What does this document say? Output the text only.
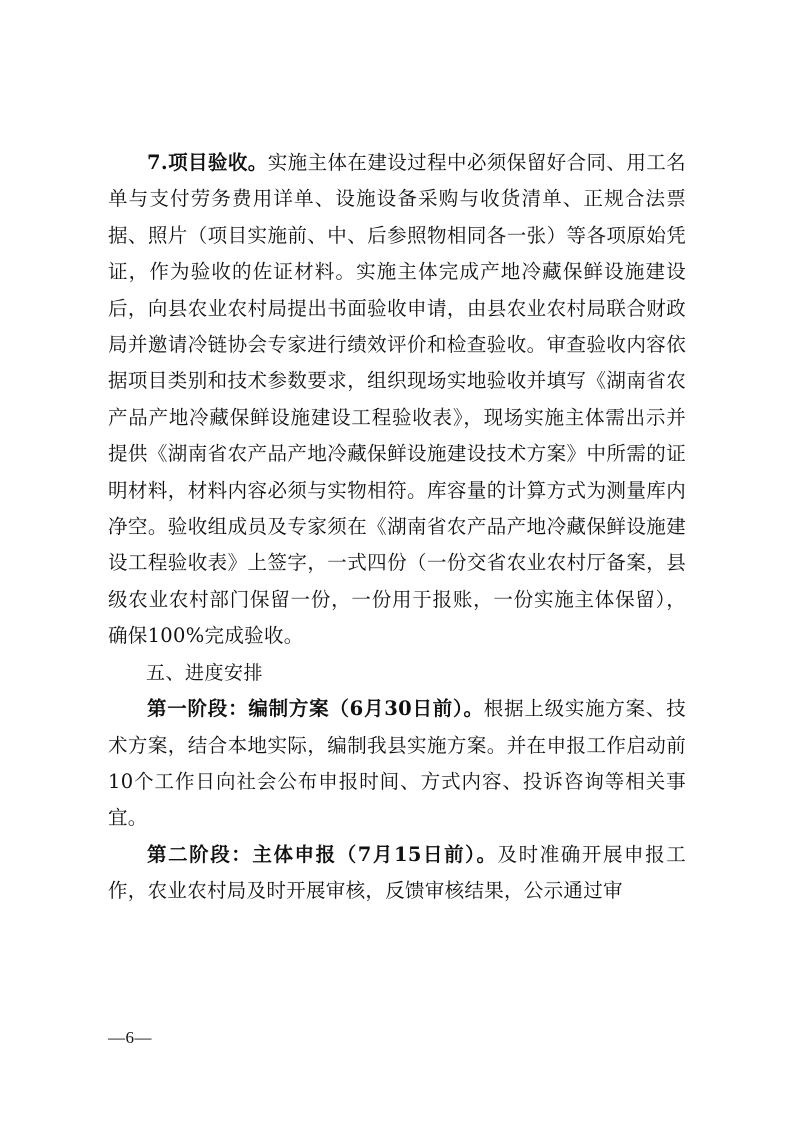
7.项目验收。实施主体在建设过程中必须保留好合同、用工名单与支付劳务费用详单、设施设备采购与收货清单、正规合法票据、照片（项目实施前、中、后参照物相同各一张）等各项原始凭证，作为验收的佐证材料。实施主体完成产地冷藏保鲜设施建设后，向县农业农村局提出书面验收申请，由县农业农村局联合财政局并邀请冷链协会专家进行绩效评价和检查验收。审查验收内容依据项目类别和技术参数要求，组织现场实地验收并填写《湖南省农产品产地冷藏保鲜设施建设工程验收表》，现场实施主体需出示并提供《湖南省农产品产地冷藏保鲜设施建设技术方案》中所需的证明材料，材料内容必须与实物相符。库容量的计算方式为测量库内净空。验收组成员及专家须在《湖南省农产品产地冷藏保鲜设施建设工程验收表》上签字，一式四份（一份交省农业农村厅备案，县级农业农村部门保留一份，一份用于报账，一份实施主体保留），确保100%完成验收。

五、进度安排

第一阶段：编制方案（6月30日前）。根据上级实施方案、技术方案，结合本地实际，编制我县实施方案。并在申报工作启动前10个工作日向社会公布申报时间、方式内容、投诉咨询等相关事宜。

第二阶段：主体申报（7月15日前）。及时准确开展申报工作，农业农村局及时开展审核，反馈审核结果，公示通过审

—6—
